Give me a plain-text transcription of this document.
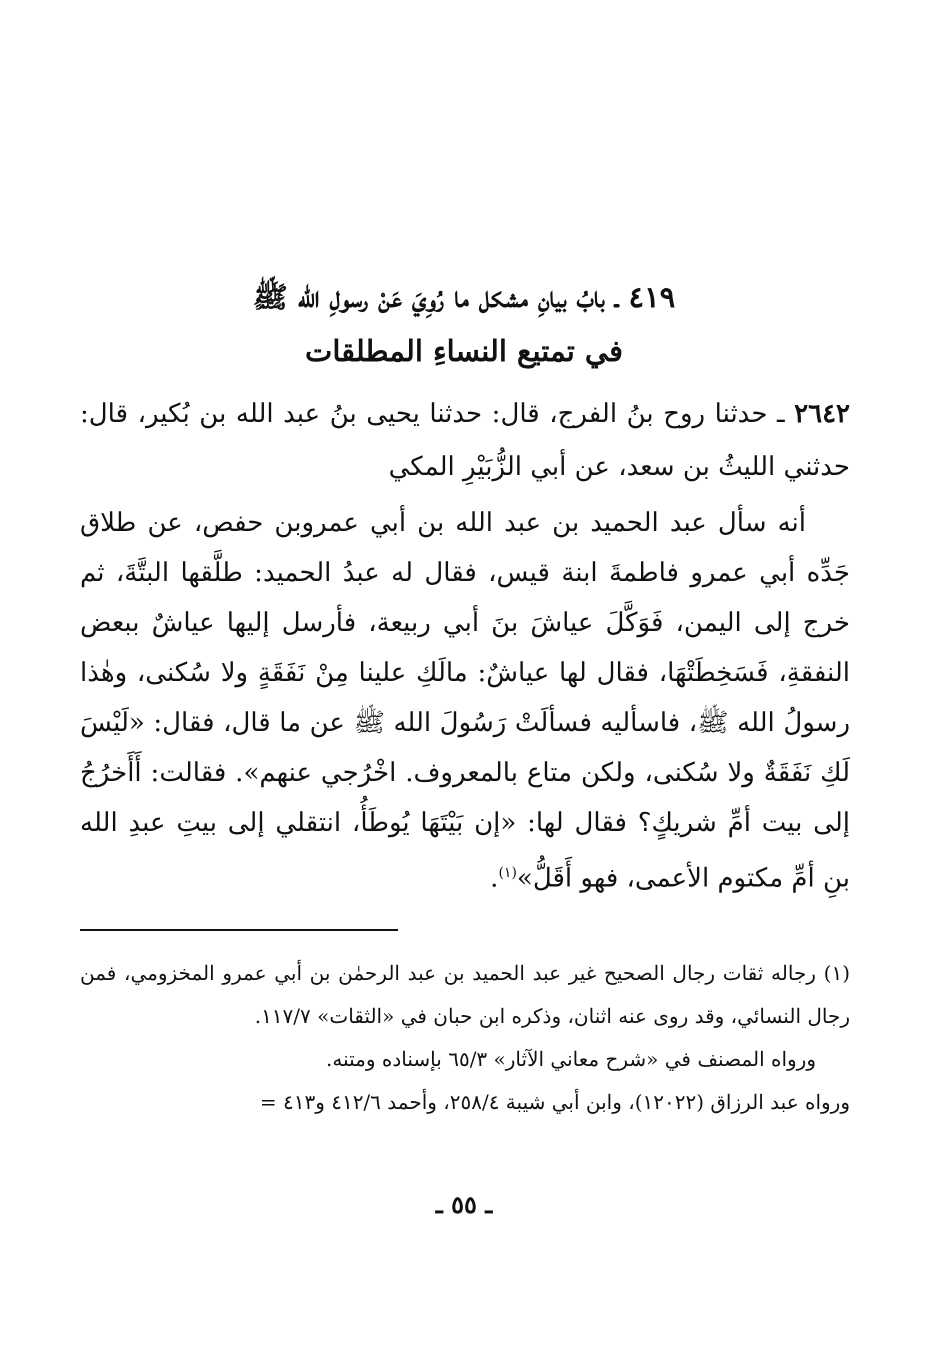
٤١٩ ـ بابُ بيانِ مشكل ما رُوِيَ عَنْ رسولِ الله ﷺ
في تمتيع النساءِ المطلقات
٢٦٤٢ ـ حدثنا روح بنُ الفرج، قال: حدثنا يحيى بنُ عبد الله بن بُكير، قال: حدثني الليثُ بن سعد، عن أبي الزُّبَيْرِ المكي

أنه سأل عبد الحميد بن عبد الله بن أبي عمروبن حفص، عن طلاق جَدِّه أبي عمرو فاطمةَ ابنة قيس، فقال له عبدُ الحميد: طلَّقها البتَّةَ، ثم خرج إلى اليمن، فَوَكَّلَ عياشَ بنَ أبي ربيعة، فأرسل إليها عياشٌ ببعض النفقةِ، فَسَخِطَتْهَا، فقال لها عياشٌ: مالَكِ علينا مِنْ نَفَقَةٍ ولا سُكنى، وهٰذا رسولُ الله ﷺ، فاسأليه فسألَتْ رَسُولَ الله ﷺ عن ما قال، فقال: «لَيْسَ لَكِ نَفَقَةٌ ولا سُكنى، ولكن متاع بالمعروف. اخْرُجي عنهم». فقالت: أَأَخرُجُ إلى بيت أمِّ شريكٍ؟ فقال لها: «إن بَيْتَهَا يُوطَأُ، انتقلي إلى بيتِ عبدِ الله بنِ أمِّ مكتوم الأعمى، فهو أَقَلُّ»$^{(١)}$.

(١) رجاله ثقات رجال الصحيح غير عبد الحميد بن عبد الرحمٰن بن أبي عمرو المخزومي، فمن رجال النسائي، وقد روى عنه اثنان، وذكره ابن حبان في «الثقات» ١١٧/٧.

ورواه المصنف في «شرح معاني الآثار» ٦٥/٣ بإسناده ومتنه.

ورواه عبد الرزاق (١٢٠٢٢)، وابن أبي شيبة ٢٥٨/٤، وأحمد ٤١٢/٦ و٤١٣ =

ـ ٥٥ ـ
